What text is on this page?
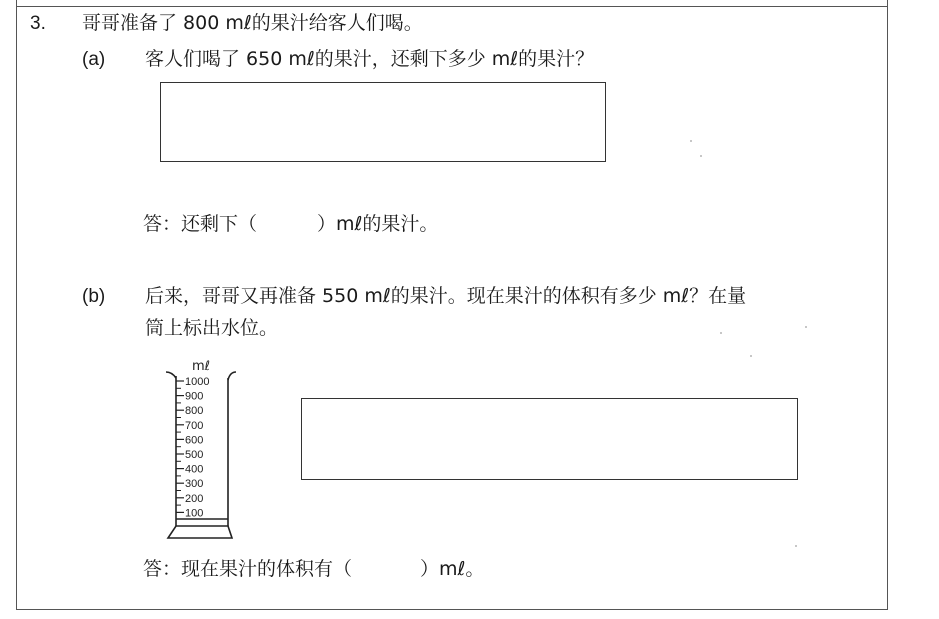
3. 哥哥准备了 800 mℓ的果汁给客人们喝。
(a) 客人们喝了 650 mℓ的果汁，还剩下多少 mℓ的果汁？
答：还剩下（	）mℓ的果汁。
(b) 后来，哥哥又再准备 550 mℓ的果汁。现在果汁的体积有多少 mℓ？在量
筒上标出水位。
mℓ
1000
900
800
700
600
500
400
300
200
100
答：现在果汁的体积有（	）mℓ。
